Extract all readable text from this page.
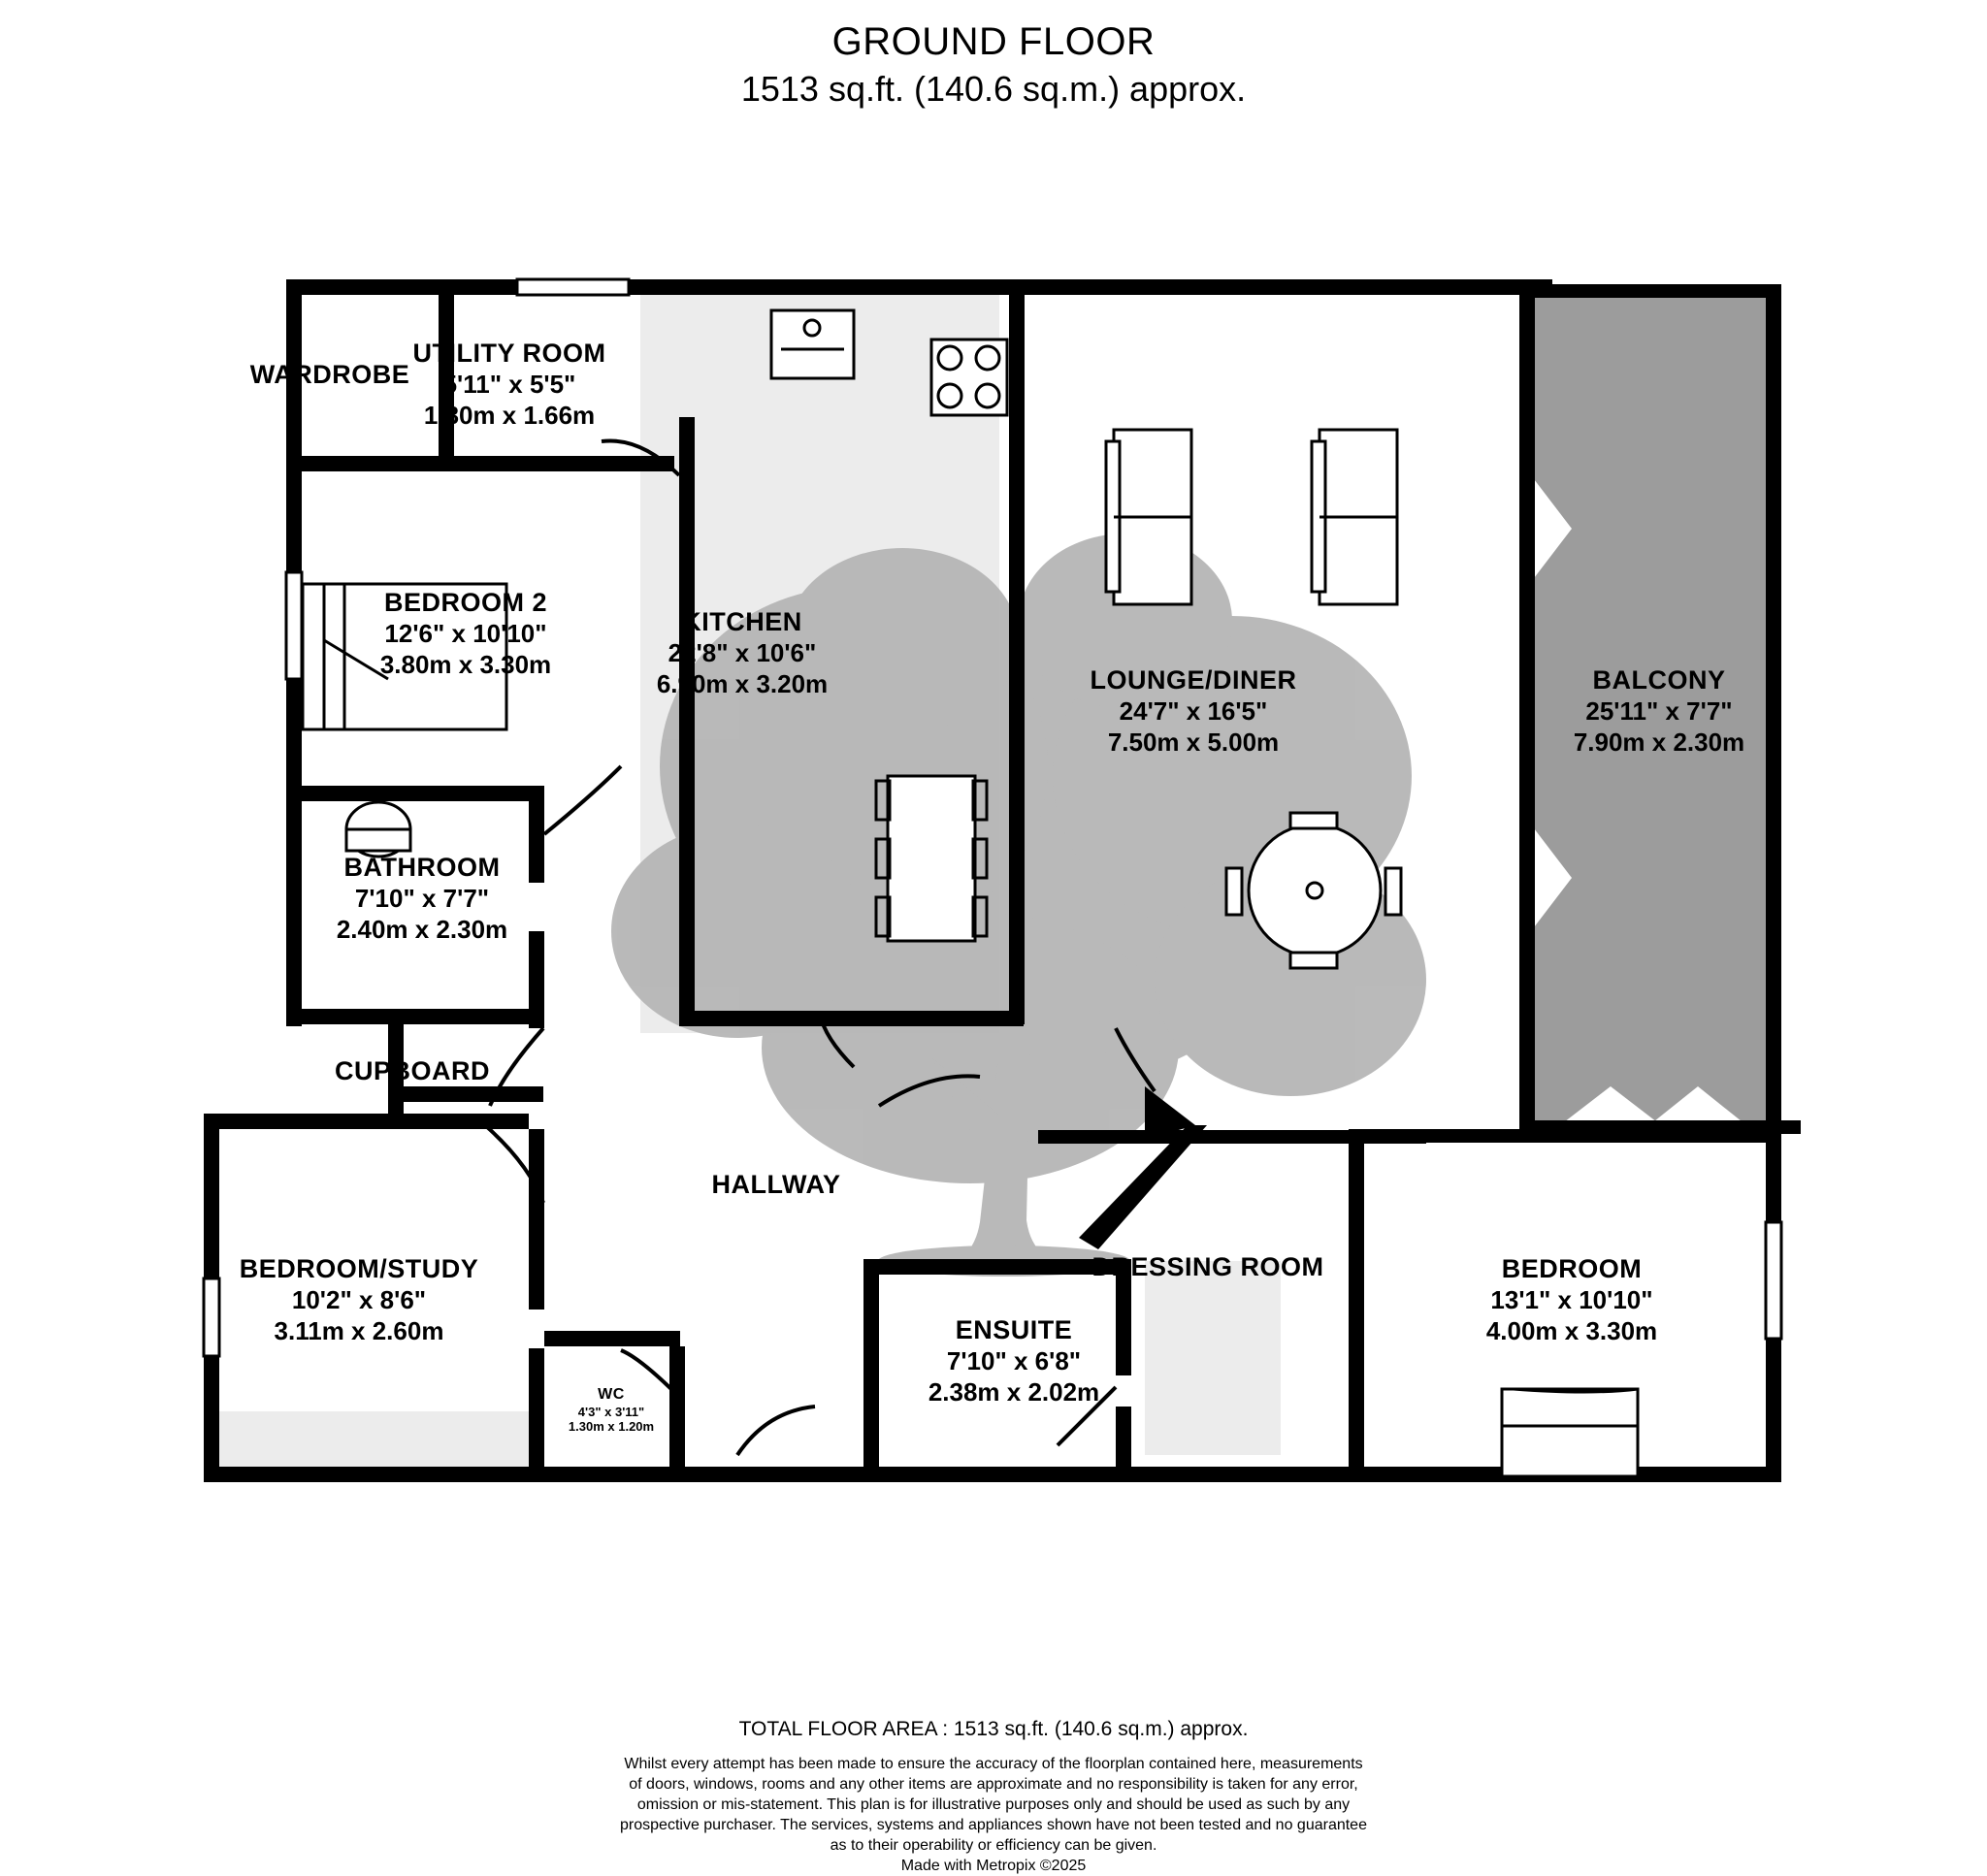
GROUND FLOOR
1513 sq.ft. (140.6 sq.m.) approx.
WARDROBE
UTILITY ROOM
5'11" x 5'5"
1.80m x 1.66m
BEDROOM 2
12'6" x 10'10"
3.80m x 3.30m
KITCHEN
22'8" x 10'6"
6.90m x 3.20m	LOUNGE/DINER
24'7" x 16'5"
7.50m x 5.00m
BALCONY
25'11" x 7'7"
7.90m x 2.30m
BATHROOM
7'10" x 7'7"
2.40m x 2.30m
CUPBOARD
HALLWAY
BEDROOM/STUDY
10'2" x 8'6"
3.11m x 2.60m
WC
4'3" x 3'11"
1.30m x 1.20m
ENSUITE
7'10" x 6'8"
2.38m x 2.02m
DRESSING ROOM	BEDROOM
13'1" x 10'10"
4.00m x 3.30m
TOTAL FLOOR AREA : 1513 sq.ft. (140.6 sq.m.) approx.
Whilst every attempt has been made to ensure the accuracy of the floorplan contained here, measurements
of doors, windows, rooms and any other items are approximate and no responsibility is taken for any error,
omission or mis-statement. This plan is for illustrative purposes only and should be used as such by any
prospective purchaser. The services, systems and appliances shown have not been tested and no guarantee
as to their operability or efficiency can be given.
Made with Metropix ©2025
